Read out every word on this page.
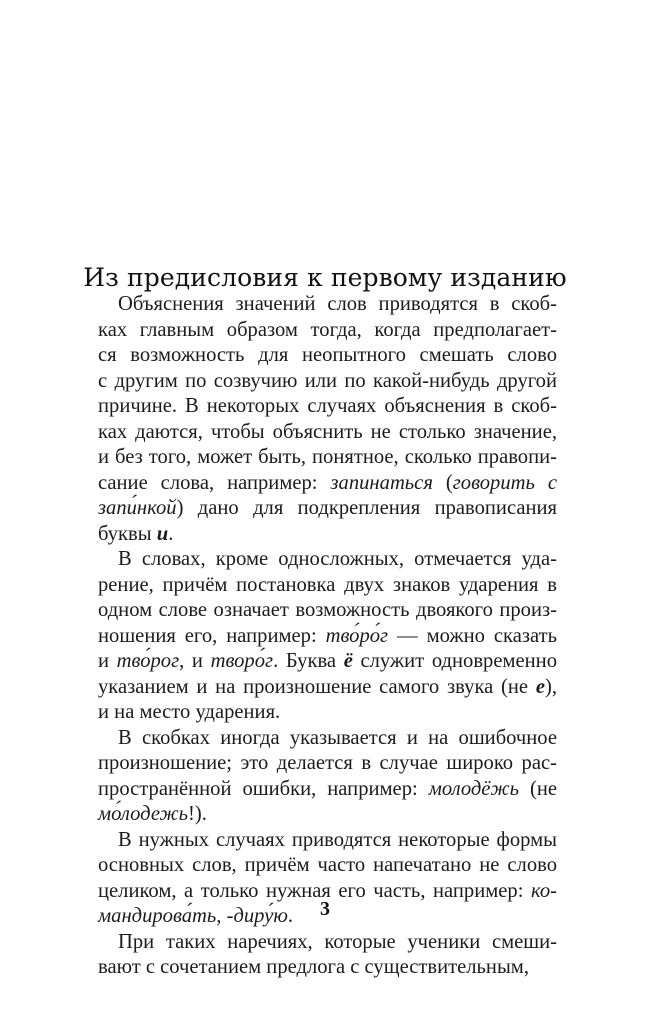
Из предисловия к первому изданию
Объяснения значений слов приводятся в скоб-
ках главным образом тогда, когда предполагает-
ся возможность для неопытного смешать слово
с другим по созвучию или по какой-нибудь другой
причине. В некоторых случаях объяснения в скоб-
ках даются, чтобы объяснить не столько значение,
и без того, может быть, понятное, сколько правопи-
сание слова, например: запинаться (говорить с
запи́нкой) дано для подкрепления правописания
буквы и.
В словах, кроме односложных, отмечается уда-
рение, причём постановка двух знаков ударения в
одном слове означает возможность двоякого произ-
ношения его, например: тво́ро́г — можно сказать
и тво́рог, и творо́г. Буква ё служит одновременно
указанием и на произношение самого звука (не е),
и на место ударения.
В скобках иногда указывается и на ошибочное
произношение; это делается в случае широко рас-
пространённой ошибки, например: молодёжь (не
мо́лодежь!).
В нужных случаях приводятся некоторые формы
основных слов, причём часто напечатано не слово
целиком, а только нужная его часть, например: ко-
мандирова́ть, -диру́ю.
При таких наречиях, которые ученики смеши-
вают с сочетанием предлога с существительным,
3
